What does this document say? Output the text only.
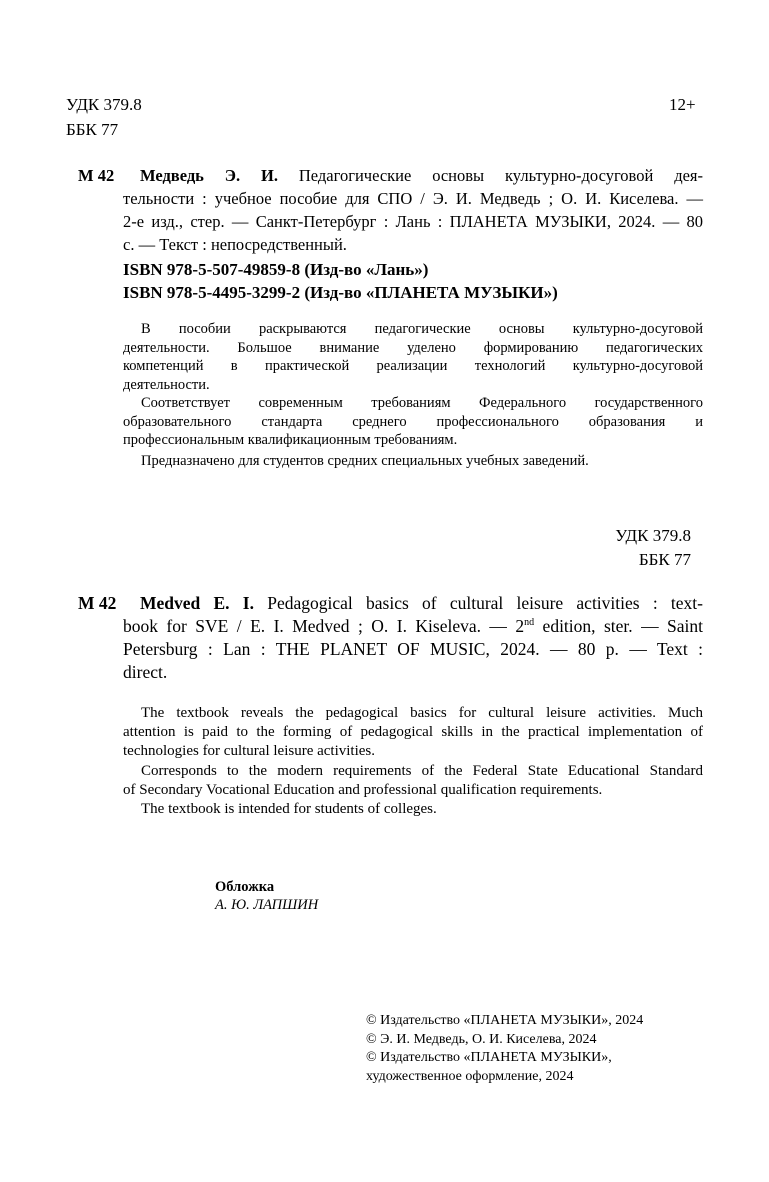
УДК 379.8
ББК 77
12+
М 42 Медведь Э. И. Педагогические основы культурно-досуговой дея-
тельности : учебное пособие для СПО / Э. И. Медведь ; О. И. Киселева. —
2-е изд., стер. — Санкт-Петербург : Лань : ПЛАНЕТА МУЗЫКИ, 2024. — 80
с. — Текст : непосредственный.
ISBN 978-5-507-49859-8 (Изд-во «Лань»)
ISBN 978-5-4495-3299-2 (Изд-во «ПЛАНЕТА МУЗЫКИ»)
В пособии раскрываются педагогические основы культурно-досуговой
деятельности. Большое внимание уделено формированию педагогических
компетенций в практической реализации технологий культурно-досуговой
деятельности.
Соответствует современным требованиям Федерального государственного
образовательного стандарта среднего профессионального образования и
профессиональным квалификационным требованиям.
Предназначено для студентов средних специальных учебных заведений.
УДК 379.8
ББК 77
M 42 Medved E. I. Pedagogical basics of cultural leisure activities : text-
book for SVE / E. I. Medved ; O. I. Kiseleva. — 2nd edition, ster. — Saint
Petersburg : Lan : THE PLANET OF MUSIC, 2024. — 80 p. — Text :
direct.
The textbook reveals the pedagogical basics for cultural leisure activities. Much
attention is paid to the forming of pedagogical skills in the practical implementation of
technologies for cultural leisure activities.
Corresponds to the modern requirements of the Federal State Educational Standard
of Secondary Vocational Education and professional qualification requirements.
The textbook is intended for students of colleges.
Обложка
А. Ю. ЛАПШИН
© Издательство «ПЛАНЕТА МУЗЫКИ», 2024
© Э. И. Медведь, О. И. Киселева, 2024
© Издательство «ПЛАНЕТА МУЗЫКИ»,
художественное оформление, 2024
